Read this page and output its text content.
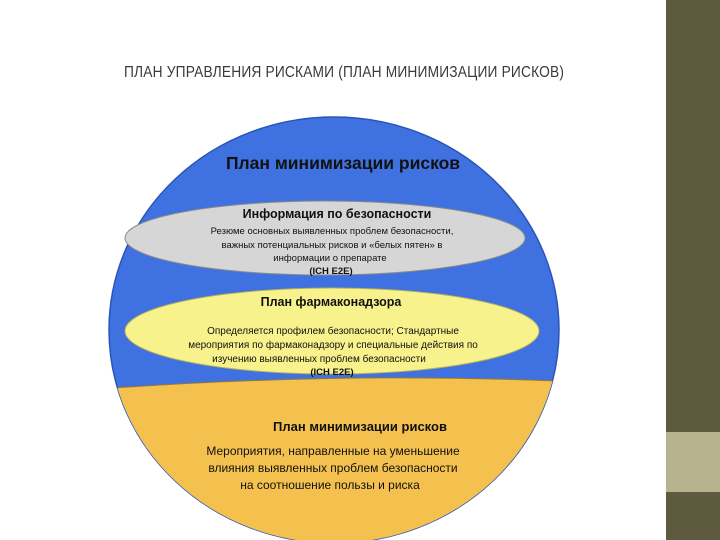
ПЛАН УПРАВЛЕНИЯ РИСКАМИ (ПЛАН МИНИМИЗАЦИИ РИСКОВ)
План минимизации рисков
Информация по безопасности
Резюме основных выявленных проблем безопасности,
важных потенциальных рисков и «белых пятен» в
информации о препарате
(ICH E2E)
План фармаконадзора
Определяется профилем безопасности; Стандартные
мероприятия по фармаконадзору и специальные действия по
изучению выявленных проблем безопасности
(ICH E2E)
План минимизации рисков
Мероприятия, направленные на уменьшение
влияния выявленных проблем безопасности
на соотношение пользы и риска
